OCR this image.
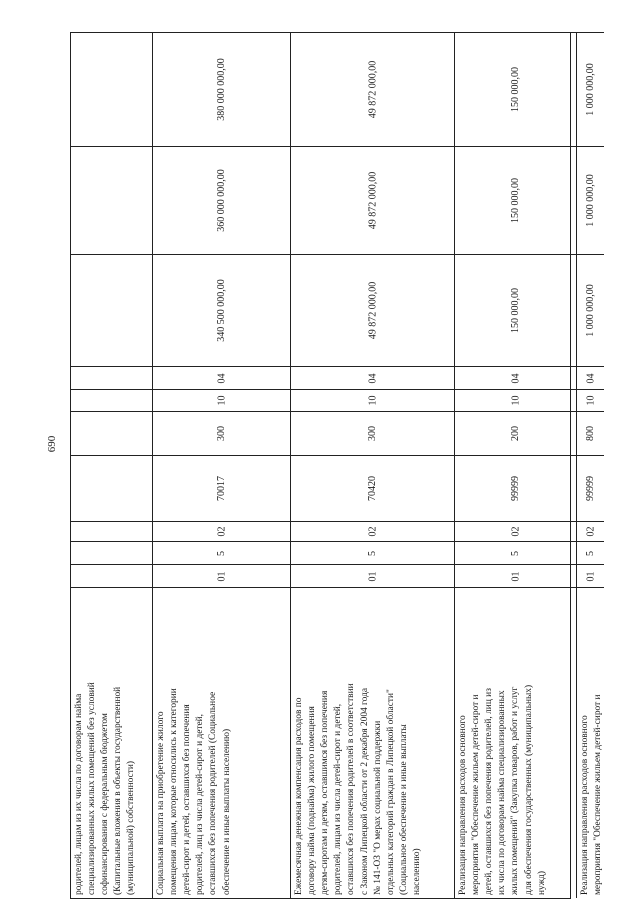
690
родителей, лицам из их числа по договорам найма специализированных жилых помещений без условий софинансирования с федеральным бюджетом (Капитальные вложения в объекты государственной (муниципальной) собственности) Социальная выплата на приобретение жилого помещения лицам, которые относились к категории детей-сирот и детей, оставшихся без попечения родителей, лиц из числа детей-сирот и детей, оставшихся без попечения родителей (Социальное обеспечение и иные выплаты населению)
01
5
02
70017
300
10
04
340 500 000,00
360 000 000,00
380 000 000,00
Ежемесячная денежная компенсация расходов по договору найма (поднайма) жилого помещения детям-сиротам и детям, оставшимся без попечения родителей, лицам из числа детей-сирот и детей, оставшихся без попечения родителей в соответствии с Законом Липецкой области от 2 декабря 2004 года № 141-ОЗ "О мерах социальной поддержки отдельных категорий граждан в Липецкой области" (Социальное обеспечение и иные выплаты населению)
01
5
02
70420
300
10
04
49 872 000,00
49 872 000,00
49 872 000,00
Реализация направления расходов основного мероприятия "Обеспечение жильем детей-сирот и детей, оставшихся без попечения родителей, лиц из их числа по договорам найма специализированных жилых помещений" (Закупка товаров, работ и услуг для обеспечения государственных (муниципальных) нужд)
01
5
02
99999
200
10
04
150 000,00
150 000,00
150 000,00
Реализация направления расходов основного мероприятия "Обеспечение жильем детей-сирот и
01
5
02
99999
800
10
04
1 000 000,00
1 000 000,00
1 000 000,00
